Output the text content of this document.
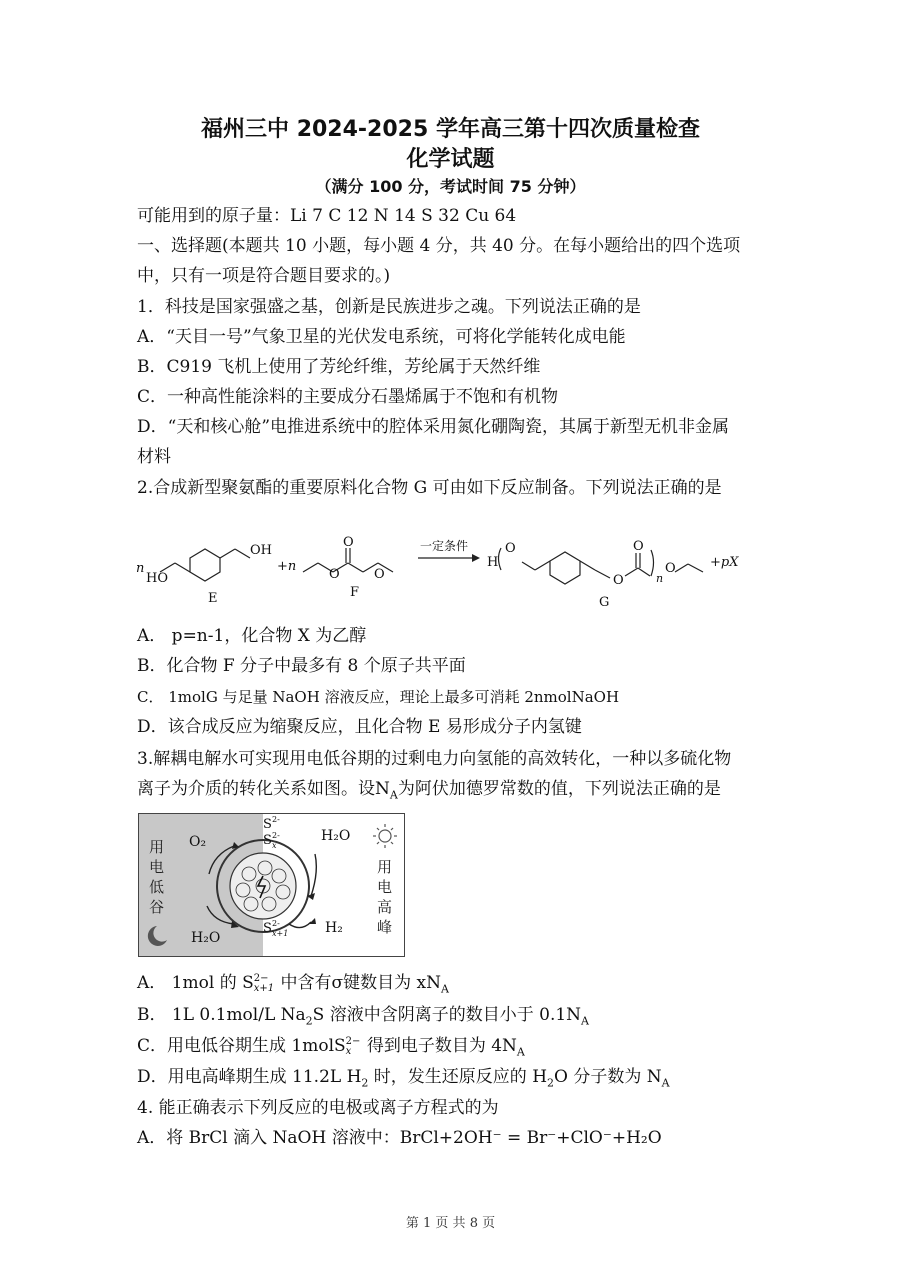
福州三中 2024-2025 学年高三第十四次质量检查
化学试题
（满分 100 分，考试时间 75 分钟）
可能用到的原子量：Li 7 C 12 N 14 S 32 Cu 64
一、选择题(本题共 10 小题，每小题 4 分，共 40 分。在每小题给出的四个选项
中，只有一项是符合题目要求的。)
1．科技是国家强盛之基，创新是民族进步之魂。下列说法正确的是
A．“天目一号”气象卫星的光伏发电系统，可将化学能转化成电能
B．C919 飞机上使用了芳纶纤维，芳纶属于天然纤维
C．一种高性能涂料的主要成分石墨烯属于不饱和有机物
D．“天和核心舱”电推进系统中的腔体采用氮化硼陶瓷，其属于新型无机非金属
材料
2.合成新型聚氨酯的重要原料化合物 G 可由如下反应制备。下列说法正确的是
n
OH
HO
E
+n
O
O	O
F
一定条件
H
O
O
O
n
O
G
+pX
A． p=n-1，化合物 X 为乙醇
B．化合物 F 分子中最多有 8 个原子共平面
C． 1molG 与足量 NaOH 溶液反应，理论上最多可消耗 2nmolNaOH
D．该合成反应为缩聚反应，且化合物 E 易形成分子内氢键
3.解耦电解水可实现用电低谷期的过剩电力向氢能的高效转化，一种以多硫化物
离子为介质的转化关系如图。设$N_A$为阿伏加德罗常数的值，下列说法正确的是
O₂	H₂O
H₂O
H₂
S 2-
S 2-
x
S 2-
x+1
用
电
低
谷
用
电
高
峰
A． 1mol 的 S 2−
x+1 中含有σ键数目为 $xN_A$
B． 1L 0.1mol/L $Na_2S$ 溶液中含阴离子的数目小于 $0.1N_A$
C．用电低谷期生成 1molS 2−
x 得到电子数目为 $4N_A$
D．用电高峰期生成 11.2L $H_2$ 时，发生还原反应的 $H_2O$ 分子数为 $N_A$
4. 能正确表示下列反应的电极或离子方程式的为
A．将 BrCl 滴入 NaOH 溶液中：BrCl+2OH⁻ = Br⁻+ClO⁻+H₂O
第 1 页 共 8 页
